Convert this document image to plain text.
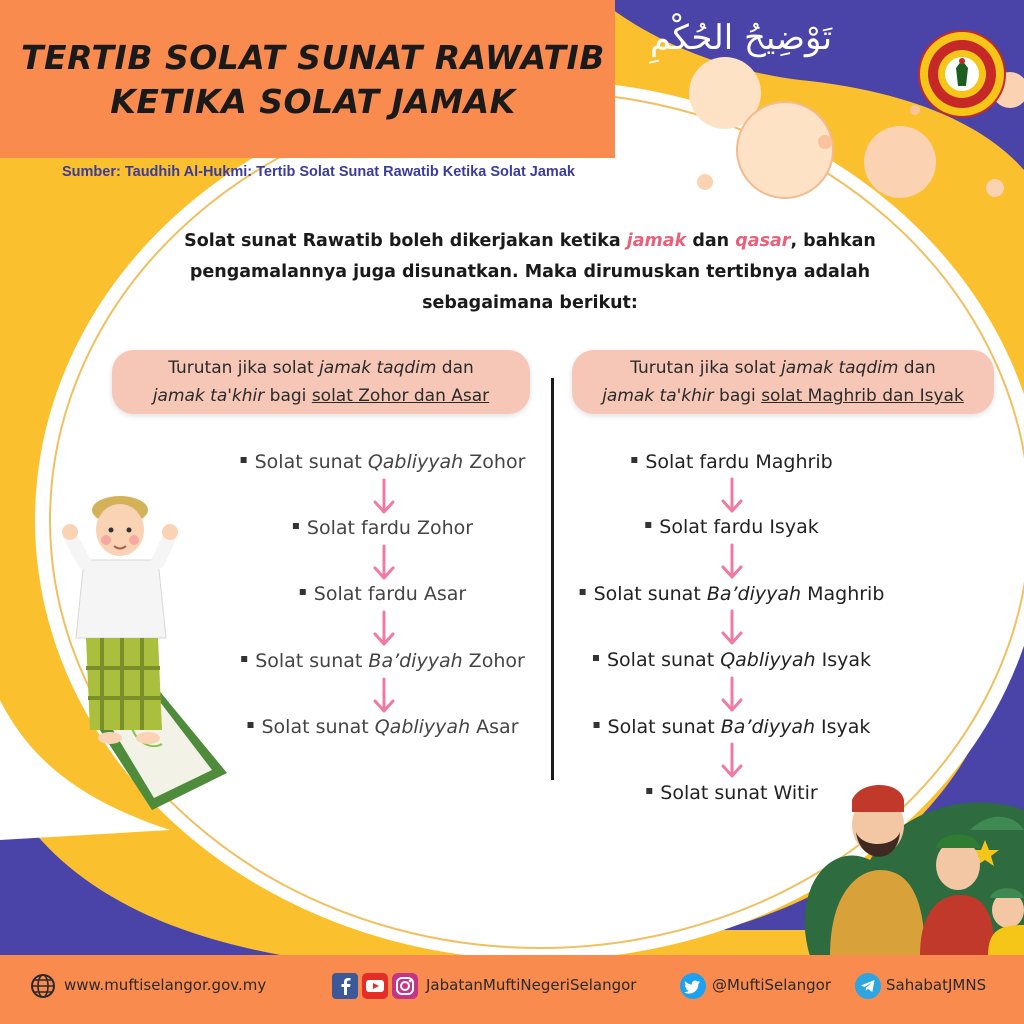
TERTIB SOLAT SUNAT RAWATIB KETIKA SOLAT JAMAK
Sumber: Taudhih Al-Hukmi: Tertib Solat Sunat Rawatib Ketika Solat Jamak
تَوْضِيحُ الحُكْمِ

Solat sunat Rawatib boleh dikerjakan ketika jamak dan qasar, bahkan pengamalannya juga disunatkan. Maka dirumuskan tertibnya adalah sebagaimana berikut:

Turutan jika solat jamak taqdim dan
jamak ta'khir bagi solat Zohor dan Asar
Turutan jika solat jamak taqdim dan
jamak ta'khir bagi solat Maghrib dan Isyak
Solat sunat Qabliyyah Zohor
Solat fardu Zohor
Solat fardu Asar
Solat sunat Ba’diyyah Zohor
Solat sunat Qabliyyah Asar
Solat fardu Maghrib
Solat fardu Isyak
Solat sunat Ba’diyyah Maghrib
Solat sunat Qabliyyah Isyak
Solat sunat Ba’diyyah Isyak
Solat sunat Witir
www.muftiselangor.gov.my	JabatanMuftiNegeriSelangor	@MuftiSelangor	SahabatJMNS
